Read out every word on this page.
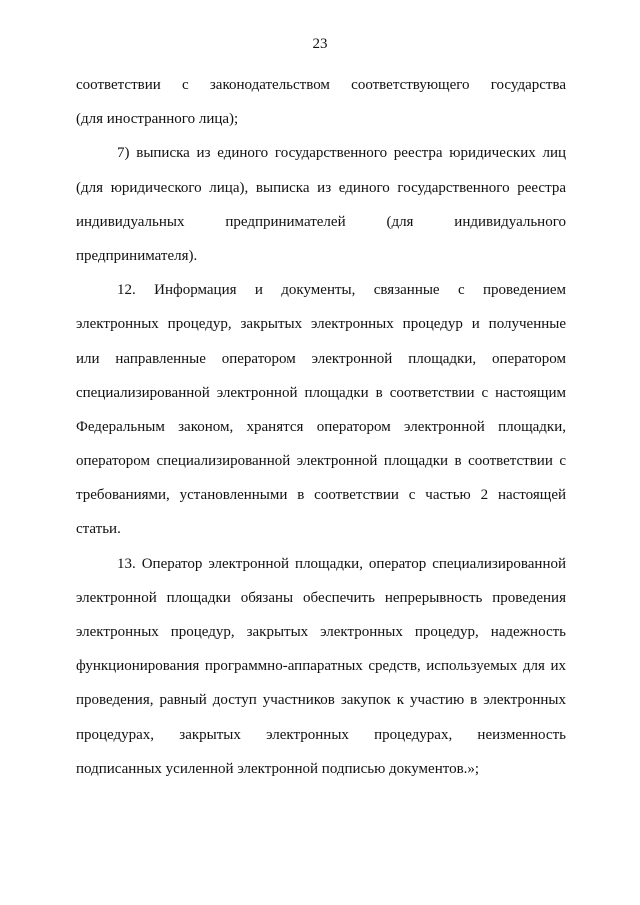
23
соответствии с законодательством соответствующего государства
(для иностранного лица);
7) выписка из единого государственного реестра юридических лиц
(для юридического лица), выписка из единого государственного реестра
индивидуальных предпринимателей (для индивидуального
предпринимателя).
12. Информация и документы, связанные с проведением
электронных процедур, закрытых электронных процедур и полученные
или направленные оператором электронной площадки, оператором
специализированной электронной площадки в соответствии с настоящим
Федеральным законом, хранятся оператором электронной площадки,
оператором специализированной электронной площадки в соответствии с
требованиями, установленными в соответствии с частью 2 настоящей
статьи.
13. Оператор электронной площадки, оператор специализированной
электронной площадки обязаны обеспечить непрерывность проведения
электронных процедур, закрытых электронных процедур, надежность
функционирования программно-аппаратных средств, используемых для их
проведения, равный доступ участников закупок к участию в электронных
процедурах, закрытых электронных процедурах, неизменность
подписанных усиленной электронной подписью документов.»;
